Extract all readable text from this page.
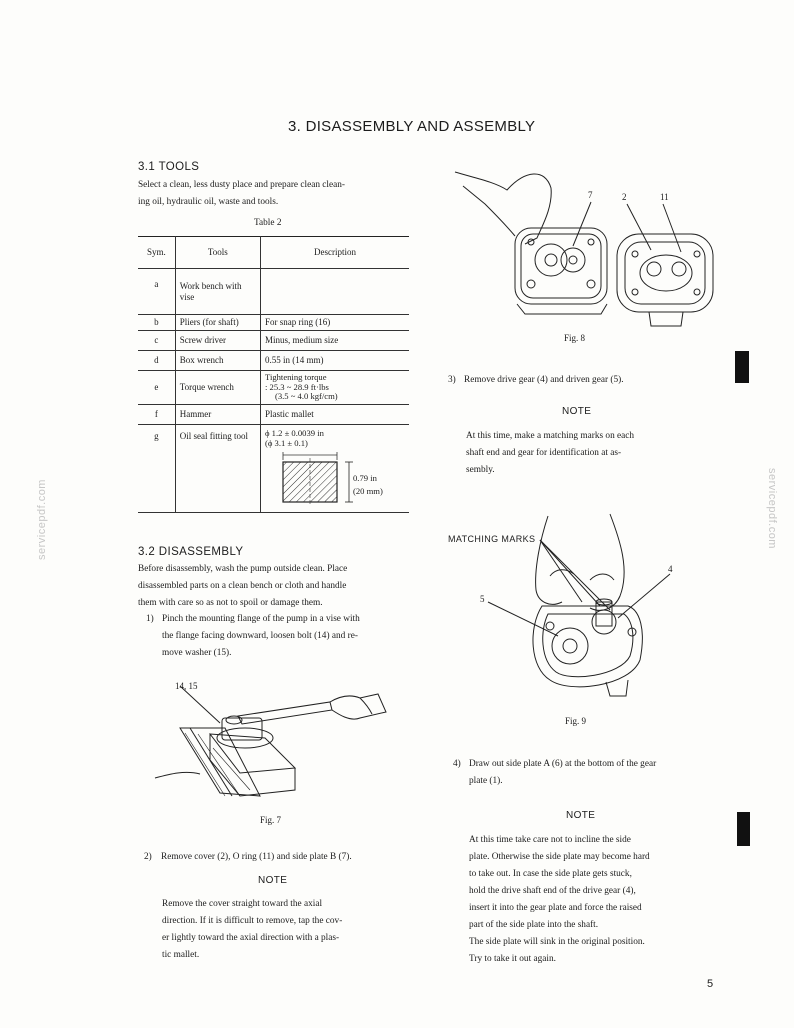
3. DISASSEMBLY AND ASSEMBLY
3.1 TOOLS
Select a clean, less dusty place and prepare clean clean-
ing oil, hydraulic oil, waste and tools.
Table 2
Sym.	Tools	Description
a	Work bench with vise	
b	Pliers (for shaft)	For snap ring (16)
c	Screw driver	Minus, medium size
d	Box wrench	0.55 in (14 mm)
e	Torque wrench	Tightening torque
: 25.3 ~ 28.9 ft·lbs
(3.5 ~ 4.0 kgf/cm)

f	Hammer	Plastic mallet
g	Oil seal fitting tool	ϕ 1.2 ± 0.0039 in
(ϕ 3.1 ± 0.1)
0.79 in
(20 mm)
3.2 DISASSEMBLY
Before disassembly, wash the pump outside clean. Place
disassembled parts on a clean bench or cloth and handle
them with care so as not to spoil or damage them.
1) Pinch the mounting flange of the pump in a vise with
the flange facing downward, loosen bolt (14) and re-
move washer (15).
14, 15
Fig. 7
2) Remove cover (2), O ring (11) and side plate B (7).
NOTE
Remove the cover straight toward the axial
direction. If it is difficult to remove, tap the cov-
er lightly toward the axial direction with a plas-
tic mallet.
7	2	11
Fig. 8
3) Remove drive gear (4) and driven gear (5).
NOTE
At this time, make a matching marks on each
shaft end and gear for identification at as-
sembly.
MATCHING MARKS
5
4
Fig. 9
4) Draw out side plate A (6) at the bottom of the gear
plate (1).
NOTE
At this time take care not to incline the side
plate. Otherwise the side plate may become hard
to take out. In case the side plate gets stuck,
hold the drive shaft end of the drive gear (4),
insert it into the gear plate and force the raised
part of the side plate into the shaft.
The side plate will sink in the original position.
Try to take it out again.
servicepdf.com	servicepdf.com
5
